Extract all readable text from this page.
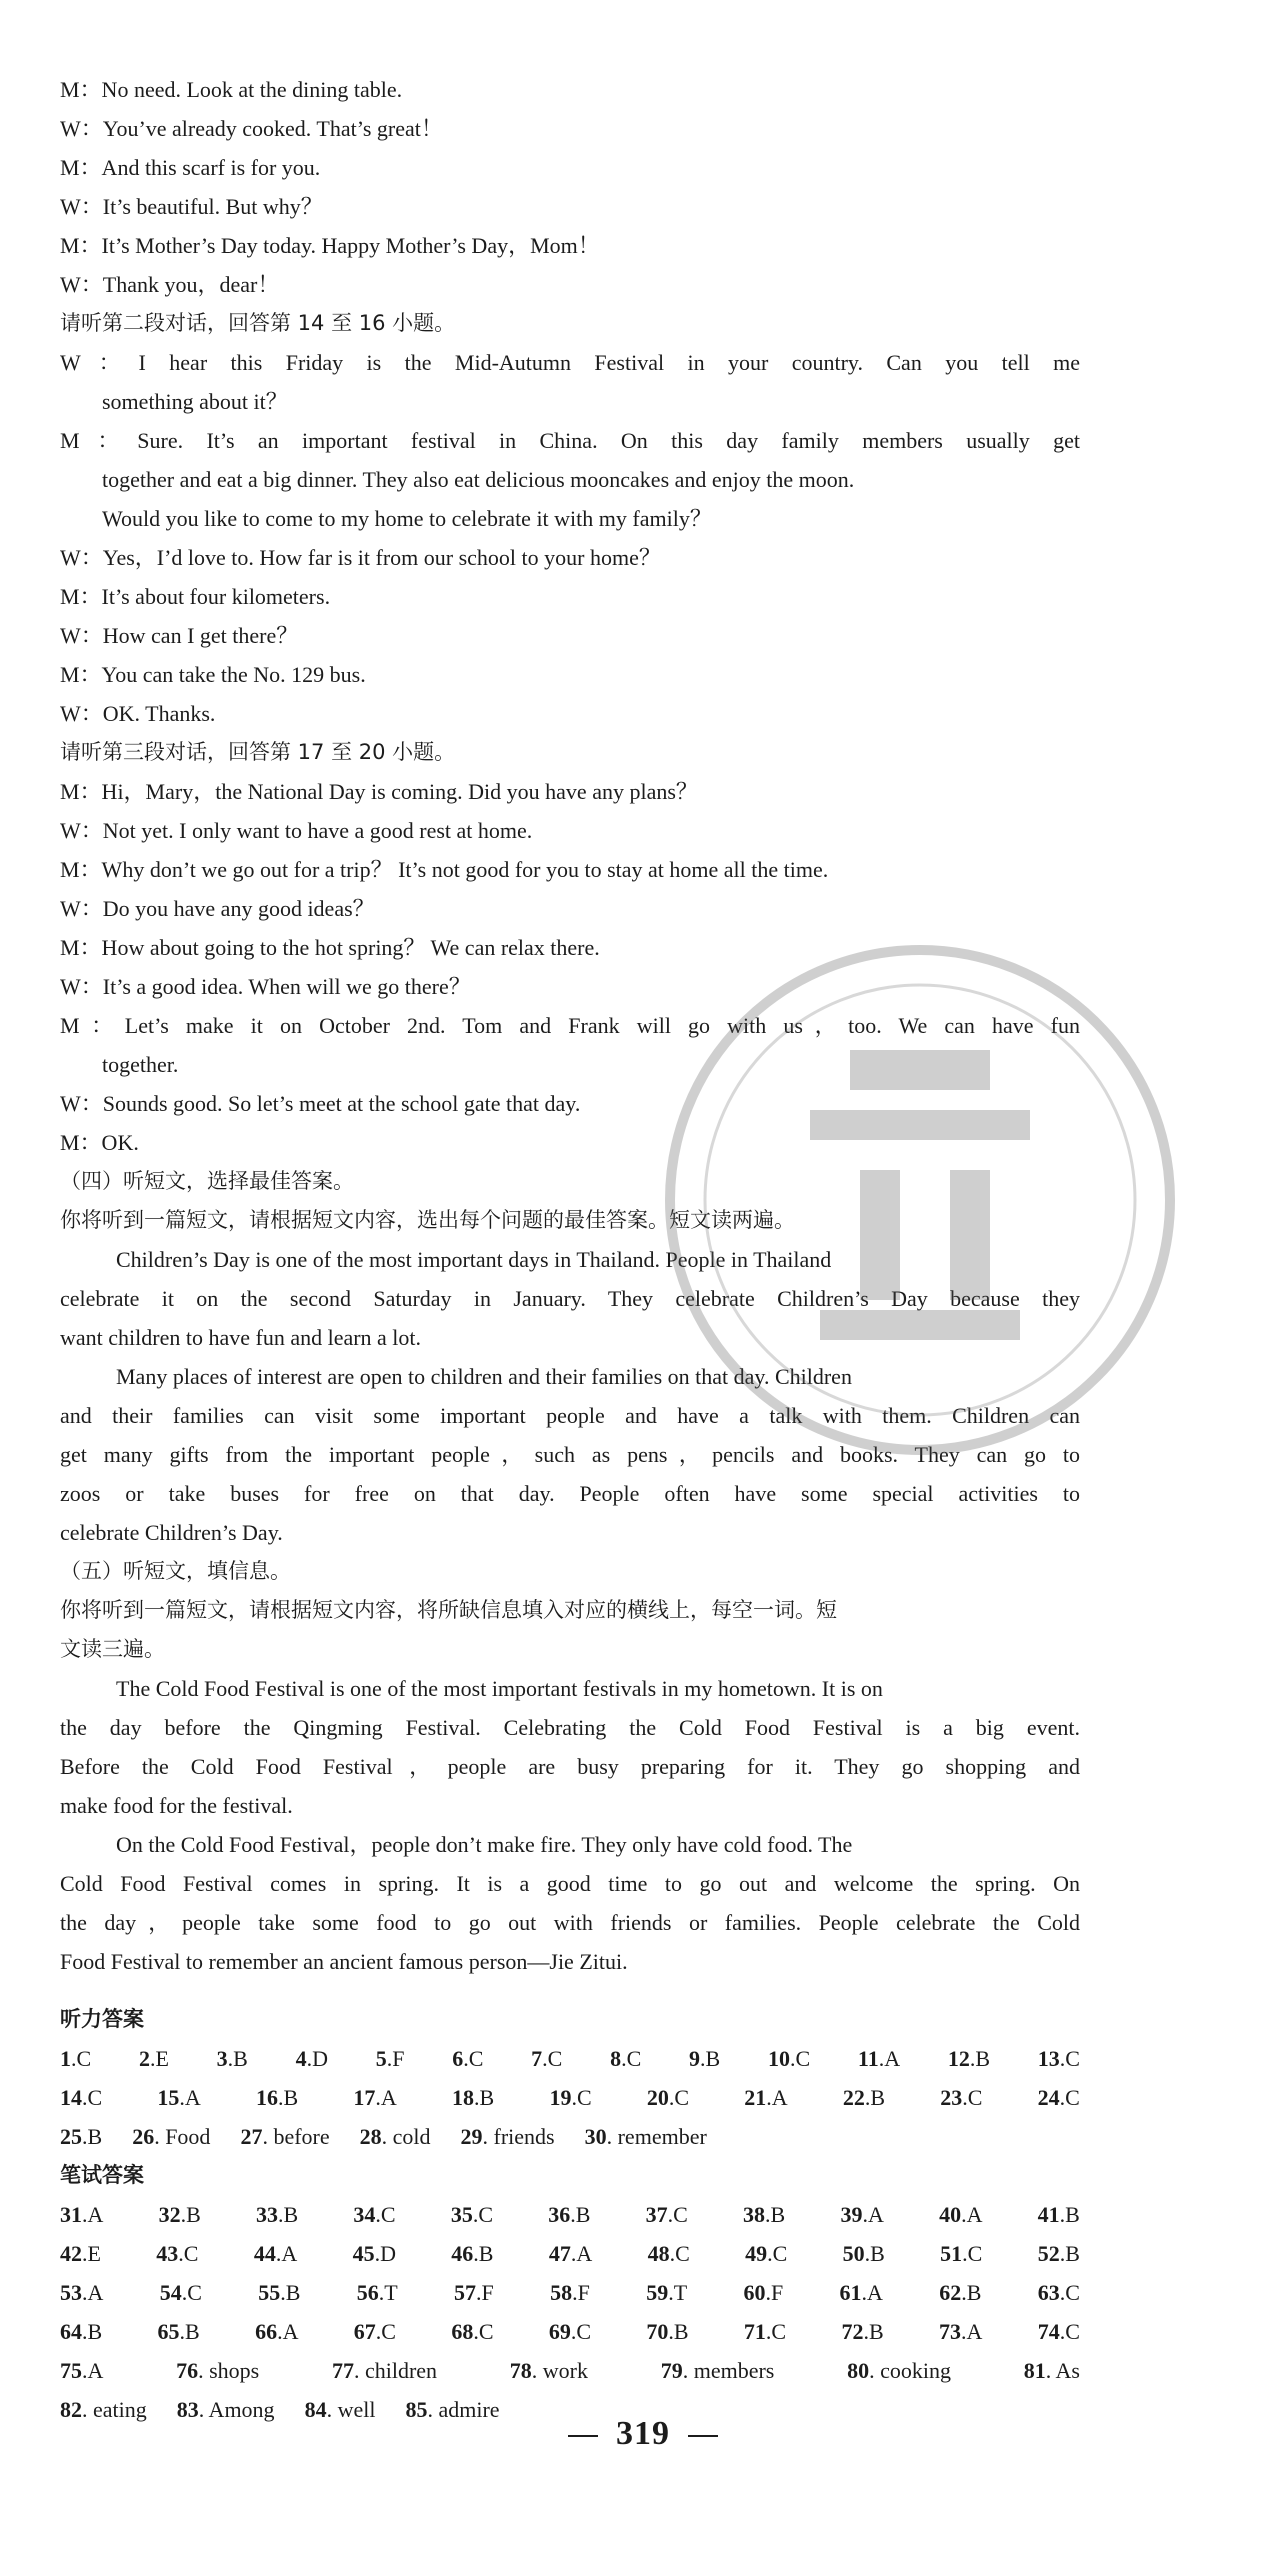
M：No need. Look at the dining table.
W：You’ve already cooked. That’s great！
M：And this scarf is for you.
W：It’s beautiful. But why？
M：It’s Mother’s Day today. Happy Mother’s Day，Mom！
W：Thank you，dear！
请听第二段对话，回答第 14 至 16 小题。
W：I hear this Friday is the Mid-Autumn Festival in your country. Can you tell me
something about it？
M：Sure. It’s an important festival in China. On this day family members usually get
together and eat a big dinner. They also eat delicious mooncakes and enjoy the moon.
Would you like to come to my home to celebrate it with my family？
W：Yes，I’d love to. How far is it from our school to your home？
M：It’s about four kilometers.
W：How can I get there？
M：You can take the No. 129 bus.
W：OK. Thanks.
请听第三段对话，回答第 17 至 20 小题。
M：Hi，Mary，the National Day is coming. Did you have any plans？
W：Not yet. I only want to have a good rest at home.
M：Why don’t we go out for a trip？ It’s not good for you to stay at home all the time.
W：Do you have any good ideas？
M：How about going to the hot spring？ We can relax there.
W：It’s a good idea. When will we go there？
M：Let’s make it on October 2nd. Tom and Frank will go with us，too. We can have fun
together.
W：Sounds good. So let’s meet at the school gate that day.
M：OK.
（四）听短文，选择最佳答案。
你将听到一篇短文，请根据短文内容，选出每个问题的最佳答案。短文读两遍。
Children’s Day is one of the most important days in Thailand. People in Thailand
celebrate it on the second Saturday in January. They celebrate Children’s Day because they
want children to have fun and learn a lot.
Many places of interest are open to children and their families on that day. Children
and their families can visit some important people and have a talk with them. Children can
get many gifts from the important people，such as pens，pencils and books. They can go to
zoos or take buses for free on that day. People often have some special activities to
celebrate Children’s Day.
（五）听短文，填信息。
你将听到一篇短文，请根据短文内容，将所缺信息填入对应的横线上，每空一词。短
文读三遍。
The Cold Food Festival is one of the most important festivals in my hometown. It is on
the day before the Qingming Festival. Celebrating the Cold Food Festival is a big event.
Before the Cold Food Festival，people are busy preparing for it. They go shopping and
make food for the festival.
On the Cold Food Festival，people don’t make fire. They only have cold food. The
Cold Food Festival comes in spring. It is a good time to go out and welcome the spring. On
the day，people take some food to go out with friends or families. People celebrate the Cold
Food Festival to remember an ancient famous person—Jie Zitui.
听力答案
1.C 2.E 3.B 4.D 5.F 6.C 7.C 8.C 9.B 10.C 11.A 12.B 13.C
14.C	15.A	16.B	17.A	18.B	19.C	20.C	21.A	22.B	23.C	24.C
25.B 26. Food 27. before 28. cold 29. friends 30. remember
笔试答案
31.A	32.B	33.B	34.C	35.C	36.B	37.C	38.B	39.A	40.A	41.B
42.E	43.C	44.A	45.D	46.B	47.A	48.C	49.C	50.B	51.C	52.B
53.A	54.C	55.B	56.T	57.F	58.F	59.T	60.F	61.A	62.B	63.C
64.B	65.B	66.A	67.C	68.C	69.C	70.B	71.C	72.B	73.A	74.C
75.A	76. shops	77. children	78. work	79. members	80. cooking	81. As
82. eating 83. Among 84. well 85. admire
319
